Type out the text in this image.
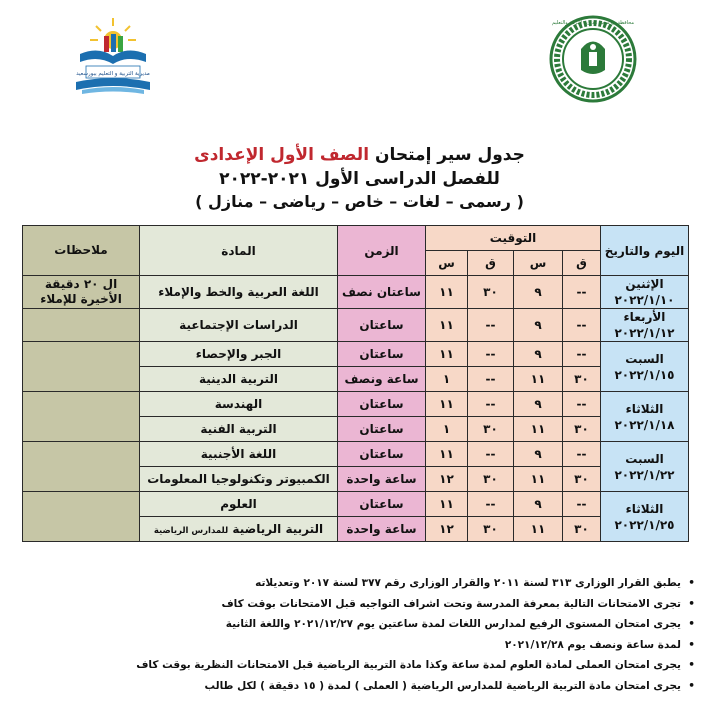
مديرية التربية و التعليم ببورسعيد
محافظة بورسعيد مديرية التربية والتعليم
جدول سير إمتحان الصف الأول الإعدادى
للفصل الدراسى الأول ٢٠٢١-٢٠٢٢
( رسمى – لغات – خاص – رياضى – منازل )
اليوم والتاريخ	التوقيت				الزمن	المادة	ملاحظات
	ق	س	ق	س			

الإثنين
٢٠٢٢/١/١٠	--	٩	٣٠	١١	ساعتان نصف	اللغة العربية والخط والإملاء	ال ٢٠ دقيقة الأخيرة للإملاء

الأربعاء
٢٠٢٢/١/١٢	--	٩	--	١١	ساعتان	الدراسات الإجتماعية	

السبت
٢٠٢٢/١/١٥	--	٩	--	١١	ساعتان	الجبر والإحصاء	
	٣٠	١١	--	١	ساعة ونصف	التربية الدينية	

الثلاثاء
٢٠٢٢/١/١٨	--	٩	--	١١	ساعتان	الهندسة	
	٣٠	١١	٣٠	١	ساعتان	التربية الفنية	

السبت
٢٠٢٢/١/٢٢	--	٩	--	١١	ساعتان	اللغة الأجنبية	
	٣٠	١١	٣٠	١٢	ساعة واحدة	الكمبيوتر وتكنولوجيا المعلومات	

الثلاثاء
٢٠٢٢/١/٢٥	--	٩	--	١١	ساعتان	العلوم	
	٣٠	١١	٣٠	١٢	ساعة واحدة	التربية الرياضية للمدارس الرياضية	
•
يطبق القرار الوزارى ٣١٣ لسنة ٢٠١١ والقرار الوزارى رقم ٣٧٧ لسنة ٢٠١٧ وتعديلاته
•
تجرى الامتحانات التالية بمعرفة المدرسة وتحت اشراف التواجيه قبل الامتحانات بوقت كاف
•
يجرى امتحان المستوى الرفيع لمدارس اللغات لمدة ساعتين يوم ٢٠٢١/١٢/٢٧ واللغة الثانية
•
لمدة ساعة ونصف يوم ٢٠٢١/١٢/٢٨
•
يجرى امتحان العملى لمادة العلوم لمدة ساعة وكذا مادة التربية الرياضية قبل الامتحانات النظرية بوقت كاف
•
يجرى امتحان مادة التربية الرياضية للمدارس الرياضية ( العملى ) لمدة ( ١٥ دقيقة ) لكل طالب
